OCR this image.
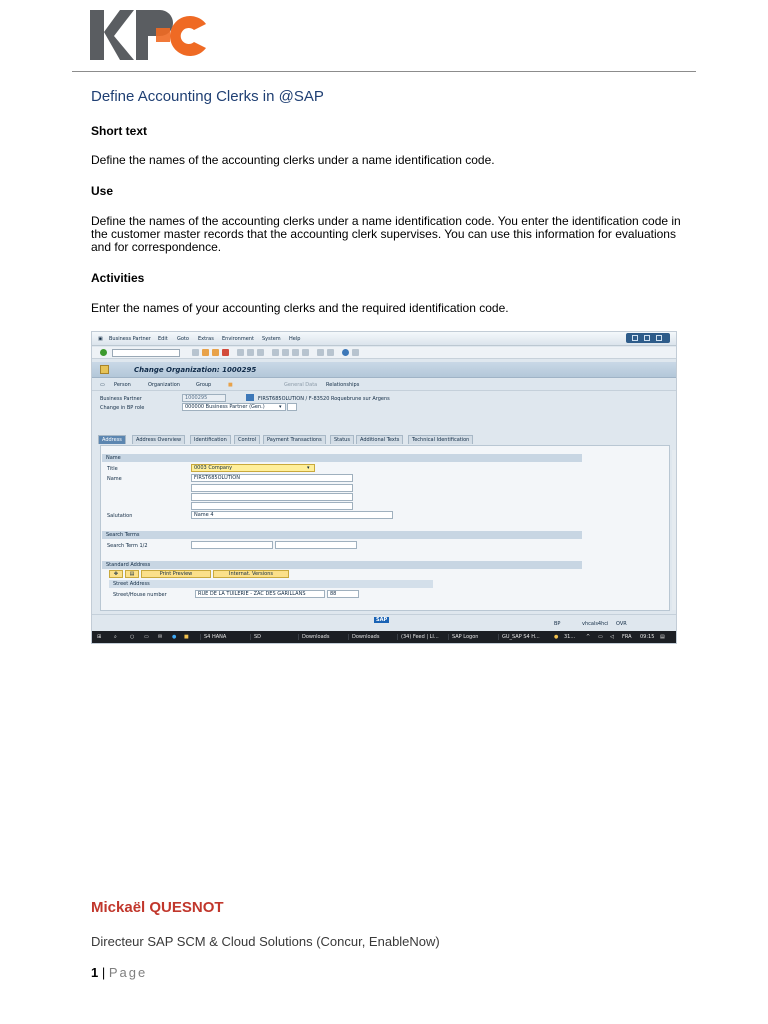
Define Accounting Clerks in @SAP
Short text
Define the names of the accounting clerks under a name identification code.
Use
Define the names of the accounting clerks under a name identification code. You enter the identification code in the customer master records that the accounting clerk supervises. You can use this information for evaluations and for correspondence.
Activities
Enter the names of your accounting clerks and the required identification code.
▣ Business Partner Edit Goto Extras Environment System Help
Change Organization: 1000295
▭ Person	Organization	Group	■	General Data Relationships
Business Partner	1000295	FIRST685OLUTION / F-83520 Roquebrune sur Argens
Change in BP role	000000 Business Partner (Gen.)	▾
Address	Address Overview	Identification	Control	Payment Transactions	Status	Additional Texts	Technical Identification
Name
Title	0003 Company	▾
Name	FIRST685OLUTION
Salutation	Name 4
Search Terms
Search Term 1/2
Standard Address
✥	▤	Print Preview	Internat. Versions
Street Address
Street/House number	RUE DE LA TUILERIE - ZAC DES GARILLANS	88
SAP
BP	vhcals4hci OVR
⊞	⌕	○ ▭ ✉ ● ■	S4 HANA	SD	Downloads	Downloads	(34) Feed | LI...	SAP Logon	GU_SAP S4 H...	● 31... ^ ▭ ◁ FRA 09:15 ▤
Mickaël QUESNOT
Directeur SAP SCM & Cloud Solutions (Concur, EnableNow)
1 | Page
